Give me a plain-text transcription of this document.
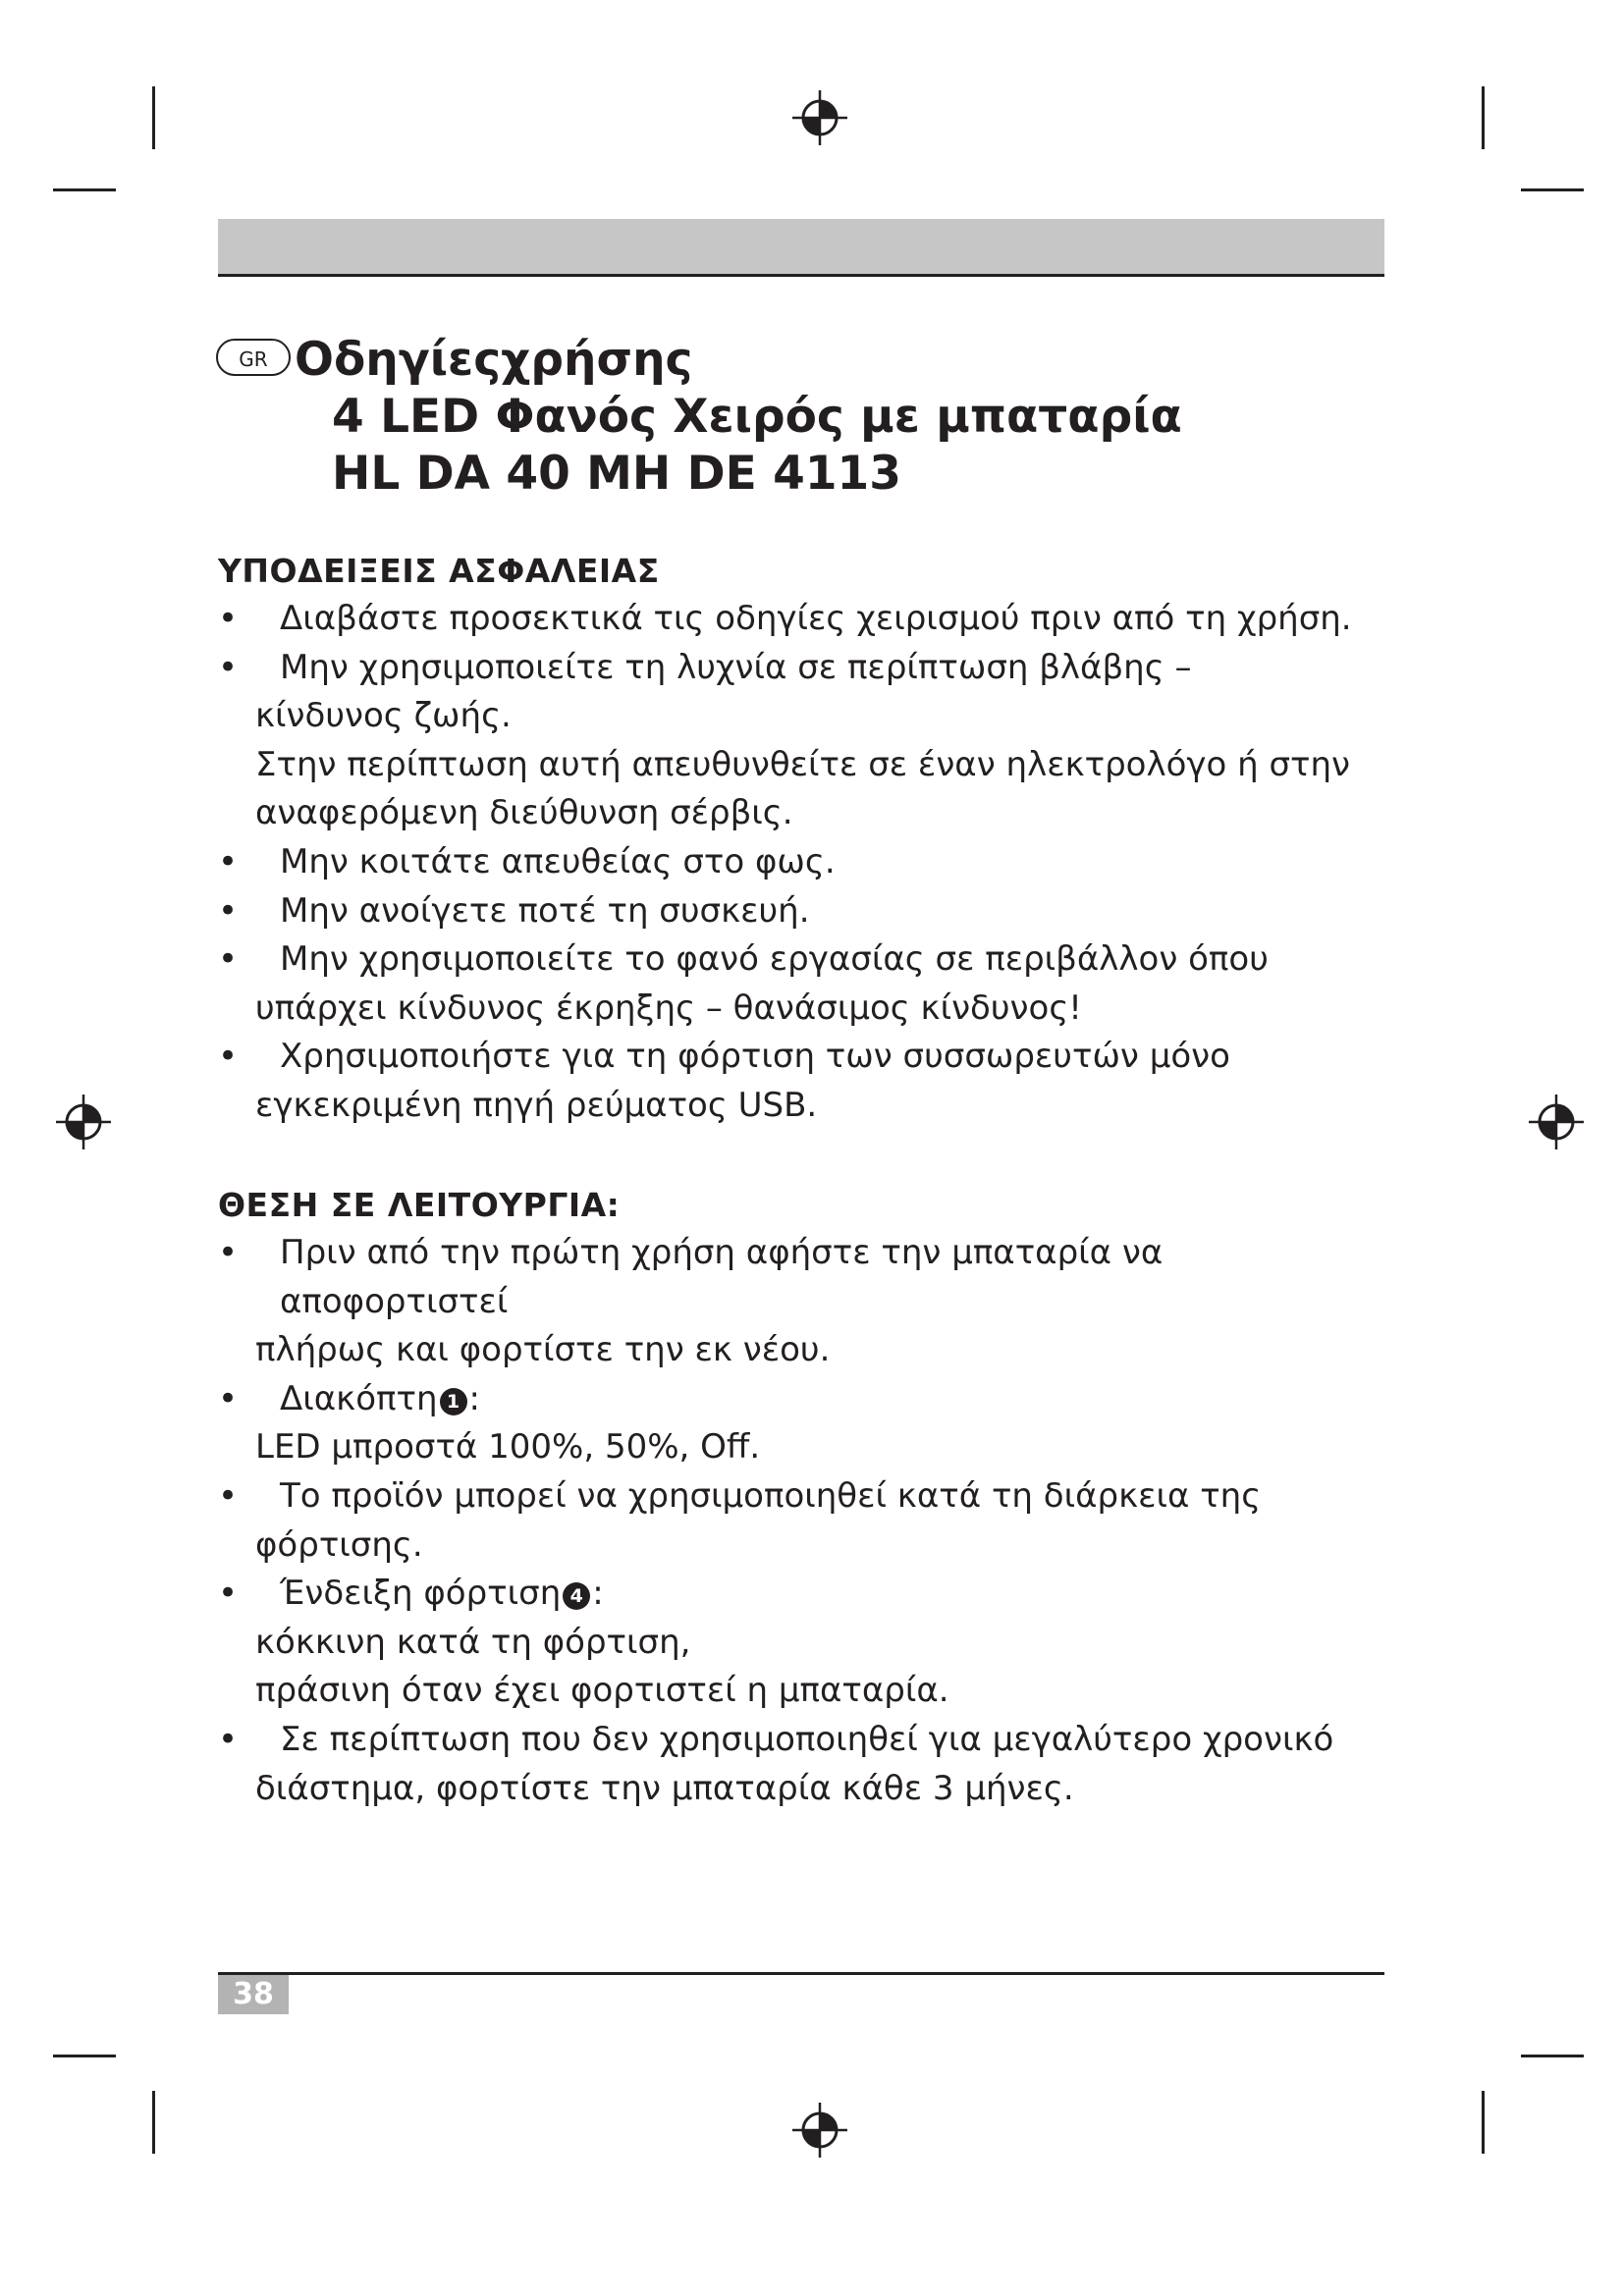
GR Οδηγίεςχρήσης
4 LED Φανός Χειρός με μπαταρία
HL DA 40 MH DE 4113
ΥΠΟΔΕΙΞΕΙΣ ΑΣΦΑΛΕΙΑΣ
•	Διαβάστε προσεκτικά τις οδηγίες χειρισμού πριν από τη χρήση.
•	Μην χρησιμοποιείτε τη λυχνία σε περίπτωση βλάβης –
κίνδυνος ζωής.
Στην περίπτωση αυτή απευθυνθείτε σε έναν ηλεκτρολόγο ή στην
αναφερόμενη διεύθυνση σέρβις.
•	Μην κοιτάτε απευθείας στο φως.
•	Μην ανοίγετε ποτέ τη συσκευή.
•	Μην χρησιμοποιείτε το φανό εργασίας σε περιβάλλον όπου
υπάρχει κίνδυνος έκρηξης – θανάσιμος κίνδυνος!
•	Χρησιμοποιήστε για τη φόρτιση των συσσωρευτών μόνο
εγκεκριμένη πηγή ρεύματος USB.
ΘΕΣΗ ΣΕ ΛΕΙΤΟΥΡΓΙΑ:
•	Πριν από την πρώτη χρήση αφήστε την μπαταρία να αποφορτιστεί
πλήρως και φορτίστε την εκ νέου.
•	Διακόπτη 1 :
LED μπροστά 100%, 50%, Off.
•	Το προϊόν μπορεί να χρησιμοποιηθεί κατά τη διάρκεια της
φόρτισης.
•	Ένδειξη φόρτιση 4 :
κόκκινη κατά τη φόρτιση,
πράσινη όταν έχει φορτιστεί η μπαταρία.
•	Σε περίπτωση που δεν χρησιμοποιηθεί για μεγαλύτερο χρονικό
διάστημα, φορτίστε την μπαταρία κάθε 3 μήνες.
38
